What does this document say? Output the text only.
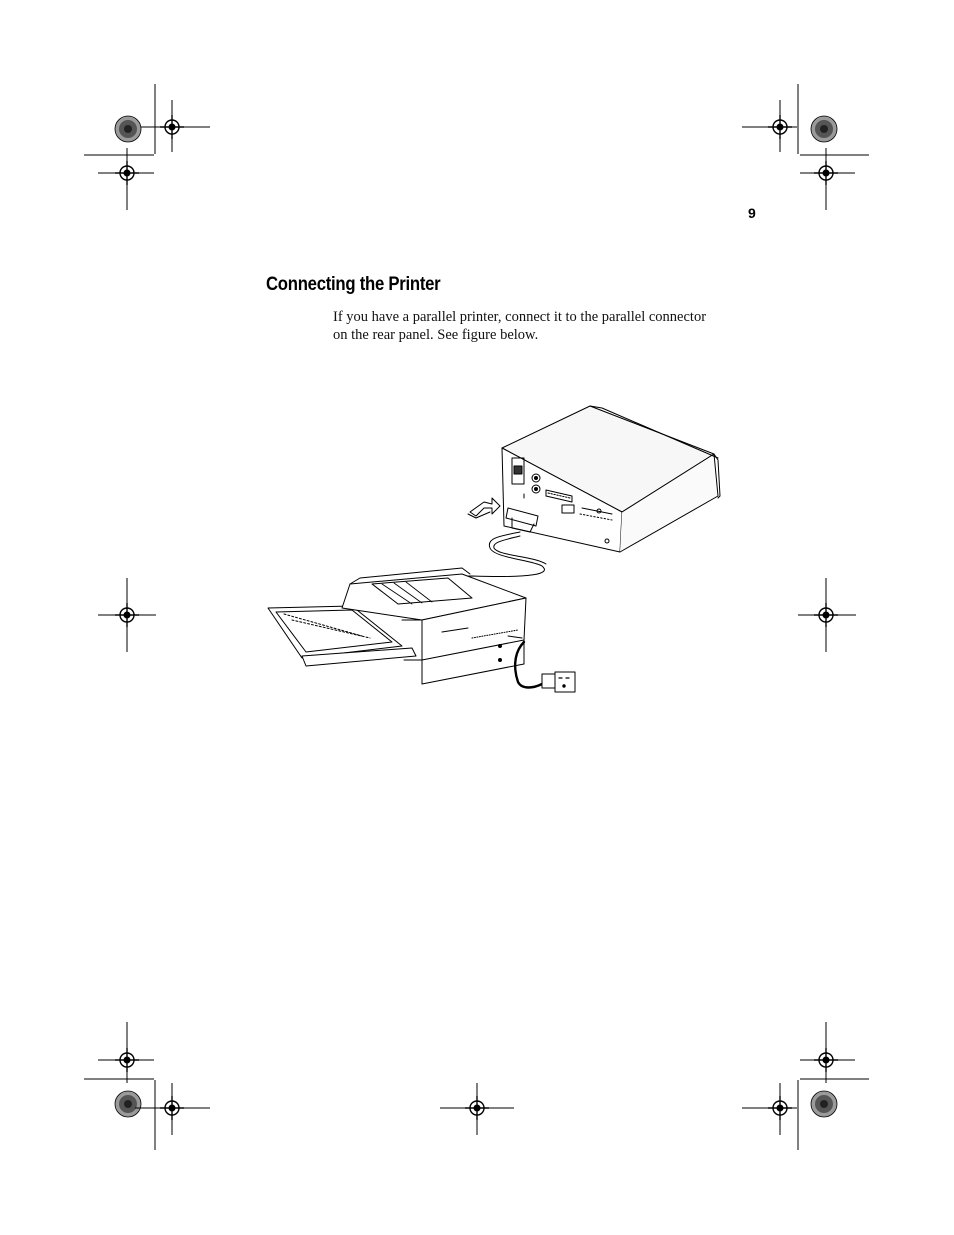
9
Connecting the Printer
If you have a parallel printer, connect it to the parallel connector
on the rear panel. See figure below.
